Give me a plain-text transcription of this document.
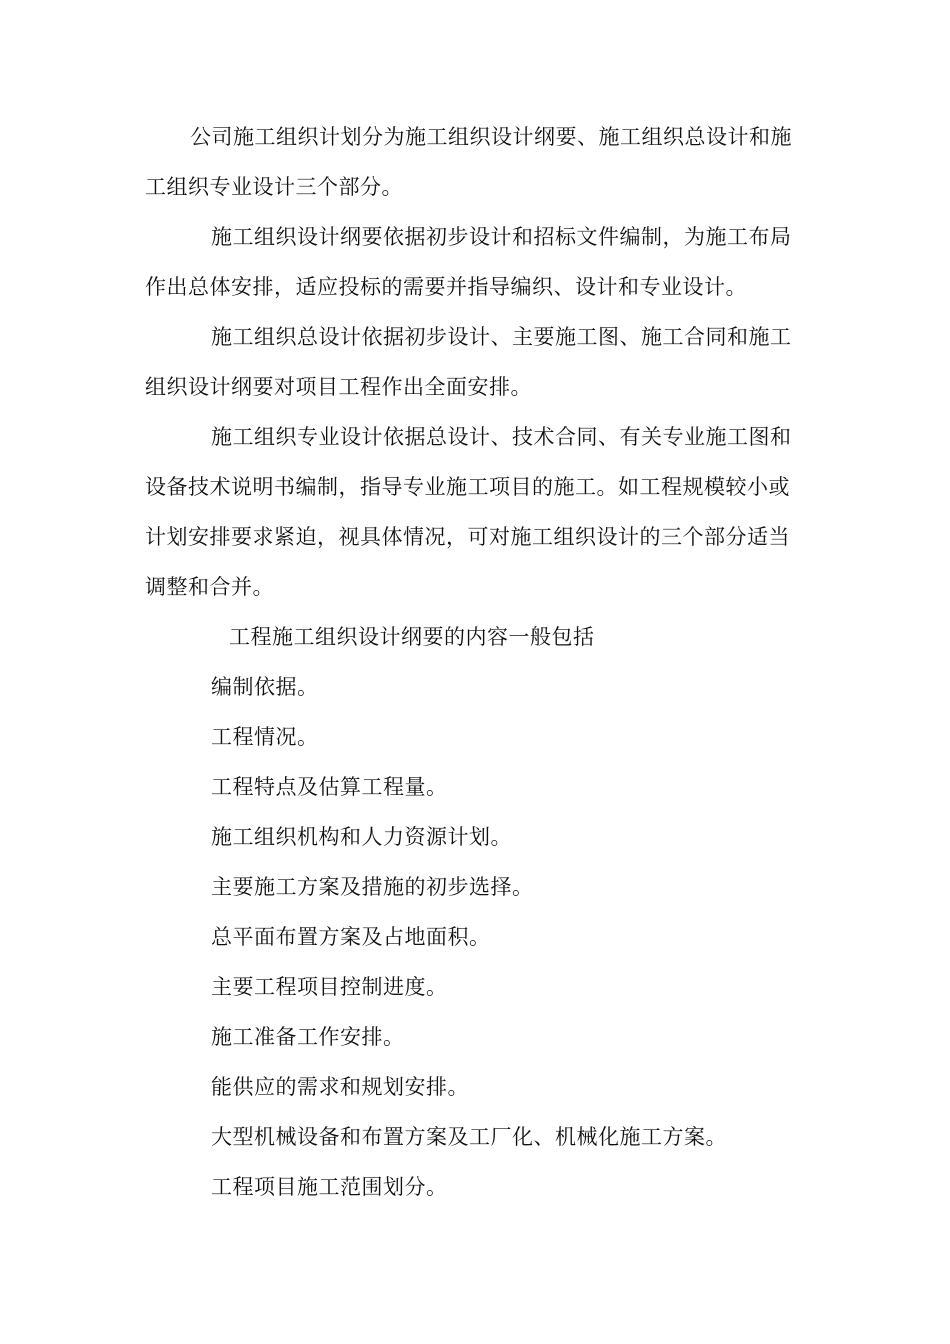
公司施工组织计划分为施工组织设计纲要、施工组织总设计和施
工组织专业设计三个部分。
施工组织设计纲要依据初步设计和招标文件编制，为施工布局
作出总体安排，适应投标的需要并指导编织、设计和专业设计。
施工组织总设计依据初步设计、主要施工图、施工合同和施工
组织设计纲要对项目工程作出全面安排。
施工组织专业设计依据总设计、技术合同、有关专业施工图和
设备技术说明书编制，指导专业施工项目的施工。如工程规模较小或
计划安排要求紧迫，视具体情况，可对施工组织设计的三个部分适当
调整和合并。
工程施工组织设计纲要的内容一般包括
编制依据。
工程情况。
工程特点及估算工程量。
施工组织机构和人力资源计划。
主要施工方案及措施的初步选择。
总平面布置方案及占地面积。
主要工程项目控制进度。
施工准备工作安排。
能供应的需求和规划安排。
大型机械设备和布置方案及工厂化、机械化施工方案。
工程项目施工范围划分。
